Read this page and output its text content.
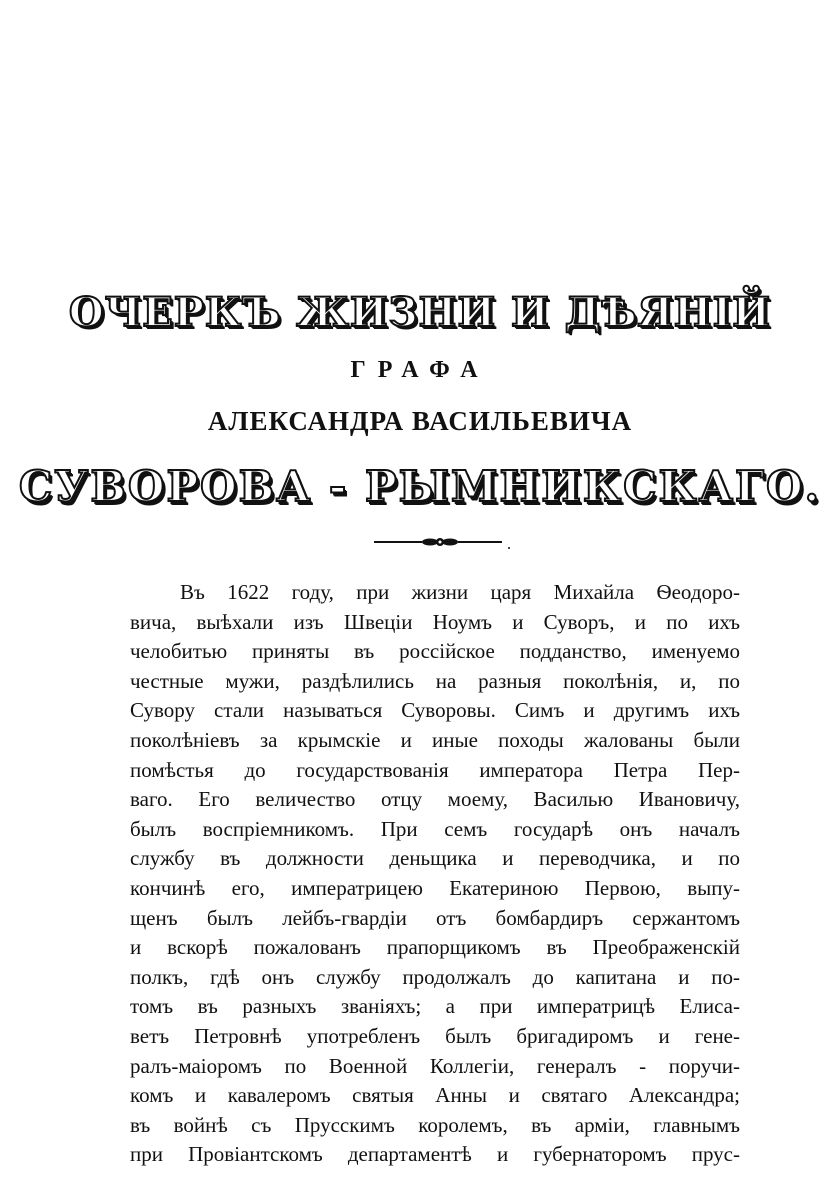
ОЧЕРКЪ ЖИЗНИ И ДѢЯНІЙ
ГРАФА
АЛЕКСАНДРА ВАСИЛЬЕВИЧА
СУВОРОВА - РЫМНИКСКАГО.
Въ 1622 году, при жизни царя Михайла Ѳеодоро-
вича, выѣхали изъ Швеціи Ноумъ и Суворъ, и по ихъ
челобитью приняты въ россійское подданство, именуемо
честные мужи, раздѣлились на разныя поколѣнія, и, по
Сувору стали называться Суворовы. Симъ и другимъ ихъ
поколѣніевъ за крымскіе и иные походы жалованы были
помѣстья до государствованія императора Петра Пер-
ваго. Его величество отцу моему, Василью Ивановичу,
былъ воспріемникомъ. При семъ государѣ онъ началъ
службу въ должности деньщика и переводчика, и по
кончинѣ его, императрицею Екатериною Первою, выпу-
щенъ былъ лейбъ-гвардіи отъ бомбардиръ сержантомъ
и вскорѣ пожалованъ прапорщикомъ въ Преображенскій
полкъ, гдѣ онъ службу продолжалъ до капитана и по-
томъ въ разныхъ званіяхъ; а при императрицѣ Елиса-
ветъ Петровнѣ употребленъ былъ бригадиромъ и гене-
ралъ-маіоромъ по Военной Коллегіи, генералъ - поручи-
комъ и кавалеромъ святыя Анны и святаго Александра;
въ войнѣ съ Прусскимъ королемъ, въ арміи, главнымъ
при Провіантскомъ департаментѣ и губернаторомъ прус-
